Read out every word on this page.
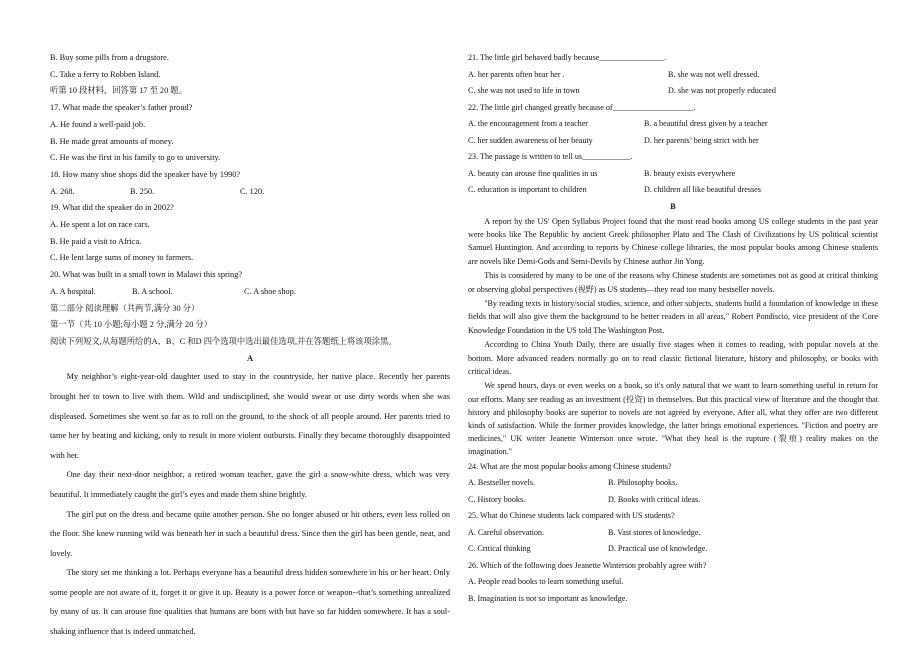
B. Buy some pills from a drugstore.
C. Take a ferry to Robben Island.
听第 10 段材料，回答第 17 至 20 题。
17. What made the speaker’s father proud?
A. He found a well-paid job.
B. He made great amounts of money.
C. He was the first in his family to go to university.
18. How many shoe shops did the speaker have by 1990?
A. 268.	B. 250.	C. 120.
19. What did the speaker do in 2002?
A. He spent a lot on race cars.
B. He paid a visit to Africa.
C. He lent large sums of money to farmers.
20. What was built in a small town in Malawi this spring?
A. A hospital.	B. A school.	C. A shoe shop.
第二部分 阅读理解（共两节,满分 30 分）
第一节（共 10 小题;每小题 2 分,满分 20 分）
阅读下列短文,从每题所给的A、B、C 和D 四个选项中选出最佳选项,并在答题纸上将该项涂黑。
A

My neighbor’s eight-year-old daughter used to stay in the countryside, her native place. Recently her parents brought her to town to live with them. Wild and undisciplined, she would swear or use dirty words when she was displeased. Sometimes she went so far as to roll on the ground, to the shock of all people around. Her parents tried to tame her by beating and kicking, only to result in more violent outbursts. Finally they became thoroughly disappointed with her.

One day their next-door neighbor, a retired woman teacher, gave the girl a snow-white dress, which was very beautiful. It immediately caught the girl’s eyes and made them shine brightly.

The girl put on the dress and became quite another person. She no longer abused or hit others, even less rolled on the floor. She knew running wild was beneath her in such a beautiful dress. Since then the girl has been gentle, neat, and lovely.

The story set me thinking a lot. Perhaps everyone has a beautiful dress hidden somewhere in his or her heart. Only some people are not aware of it, forget it or give it up. Beauty is a power force or weapon--that’s something unrealized by many of us. It can arouse fine qualities that humans are born with but have so far hidden somewhere. It has a soul-shaking influence that is indeed unmatched.

21. The little girl behaved badly because________________.
A. her parents often bear her .	B. she was not well dressed.
C. she was not used to life in town	D. she was not properly educated
22. The little girl changed greatly because of____________________.
A. the encouragement from a teacher	B. a beautiful dress given by a teacher
C. her sudden awareness of her beauty	D. her parents’ being strict with her
23. The passage is written to tell us____________.
A. beauty can arouse fine qualities in us	B. beauty exists everywhere
C. education is important to children	D. children all like beautiful dresses
B

A report by the US' Open Syllabus Project found that the most read books among US college students in the past year were books like The Republic by ancient Greek philosopher Plato and The Clash of Civilizations by US political scientist Samuel Huntington. And according to reports by Chinese college libraries, the most popular books among Chinese students are novels like Demi-Gods and Semi-Devils by Chinese author Jin Yong.

This is considered by many to be one of the reasons why Chinese students are sometimes not as good at critical thinking or observing global perspectives (视野) as US students—they read too many bestseller novels.

"By reading texts in history/social studies, science, and other subjects, students build a foundation of knowledge in these fields that will also give them the background to be better readers in all areas," Robert Pondiscio, vice president of the Core Knowledge Foundation in the US told The Washington Post.

According to China Youth Daily, there are usually five stages when it comes to reading, with popular novels at the bottom. More advanced readers normally go on to read classic fictional literature, history and philosophy, or books with critical ideas.

We spend hours, days or even weeks on a book, so it's only natural that we want to learn something useful in return for our efforts. Many see reading as an investment (投资) in themselves. But this practical view of literature and the thought that history and philosophy books are superior to novels are not agreed by everyone. After all, what they offer are two different kinds of satisfaction. While the former provides knowledge, the latter brings emotional experiences. "Fiction and poetry are medicines," UK writer Jeanette Winterson once wrote. "What they heal is the rupture (裂痕) reality makes on the imagination."

24. What are the most popular books among Chinese students?
A. Bestseller novels.	B. Philosophy books.
C. History books.	D. Books with critical ideas.
25. What do Chinese students lack compared with US students?
A. Careful observation.	B. Vast stores of knowledge.
C. Critical thinking	D. Practical use of knowledge.
26. Which of the following does Jeanette Winterson probably agree with?
A. People read books to learn something useful.
B. Imagination is not so important as knowledge.
